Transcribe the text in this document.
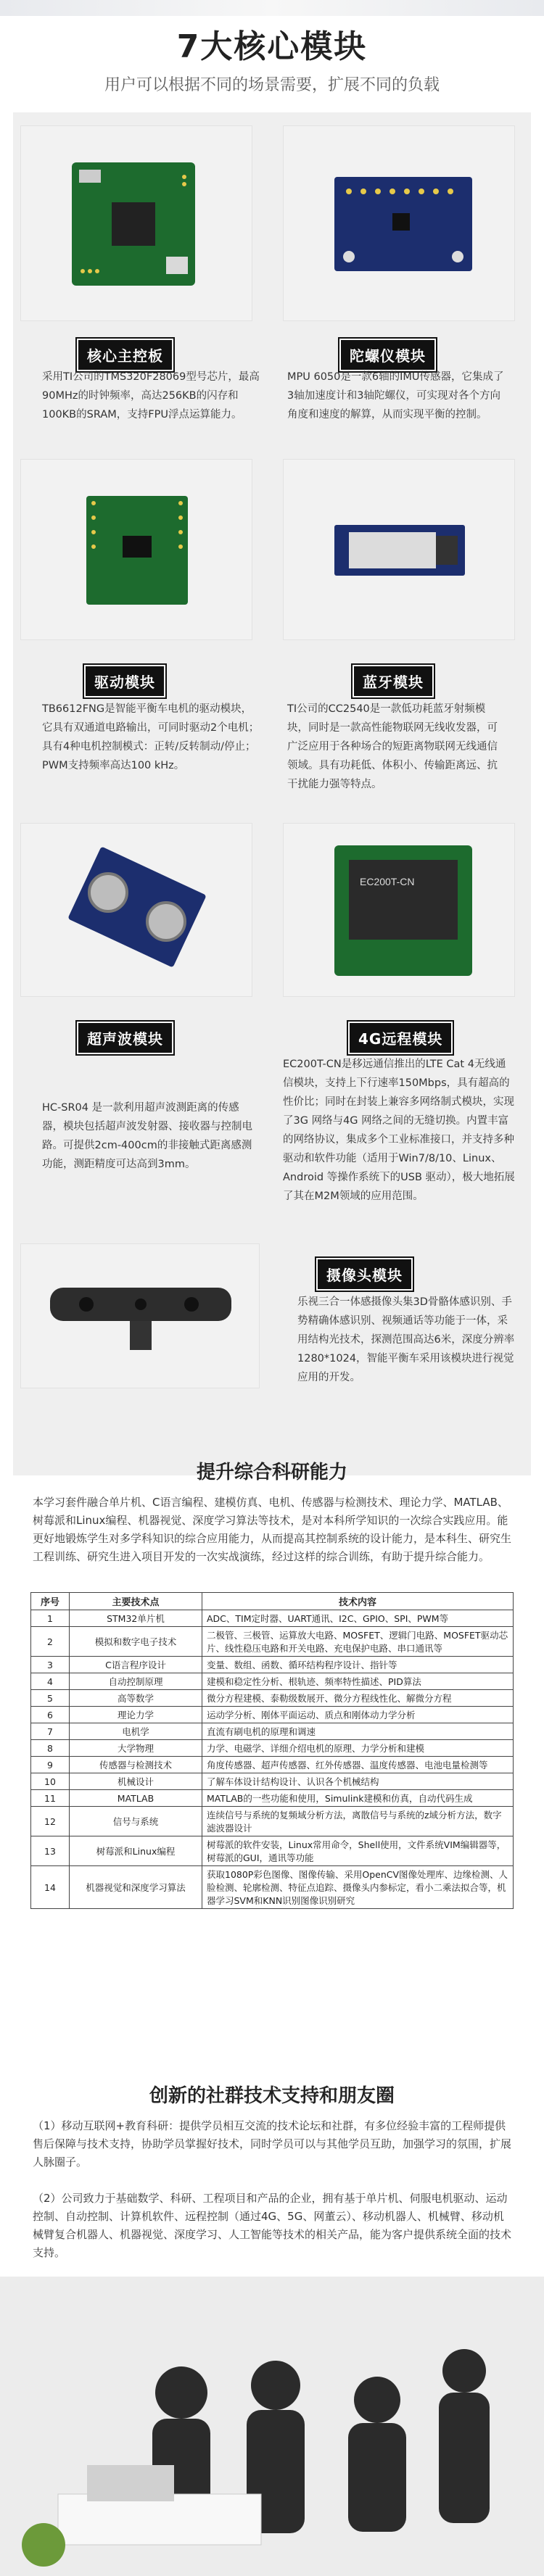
7大核心模块
用户可以根据不同的场景需要，扩展不同的负载
核心主控板
采用TI公司的TMS320F28069型号芯片，最高90MHz的时钟频率，高达256KB的闪存和100KB的SRAM，支持FPU浮点运算能力。
陀螺仪模块
MPU 6050是一款6轴的IMU传感器，它集成了3轴加速度计和3轴陀螺仪，可实现对各个方向角度和速度的解算，从而实现平衡的控制。
驱动模块
TB6612FNG是智能平衡车电机的驱动模块，它具有双通道电路输出，可同时驱动2个电机；具有4种电机控制模式：正转/反转制动/停止；PWM支持频率高达100 kHz。
蓝牙模块
TI公司的CC2540是一款低功耗蓝牙射频模块，同时是一款高性能物联网无线收发器，可广泛应用于各种场合的短距离物联网无线通信领域。具有功耗低、体积小、传输距离远、抗干扰能力强等特点。
超声波模块
HC-SR04 是一款利用超声波测距离的传感器，模块包括超声波发射器、接收器与控制电路。可提供2cm-400cm的非接触式距离感测功能，测距精度可达高到3mm。
EC200T-CN
4G远程模块
EC200T-CN是移远通信推出的LTE Cat 4无线通信模块，支持上下行速率150Mbps，具有超高的性价比；同时在封装上兼容多网络制式模块，实现了3G 网络与4G 网络之间的无缝切换。内置丰富的网络协议，集成多个工业标准接口，并支持多种驱动和软件功能（适用于Win7/8/10、Linux、Android 等操作系统下的USB 驱动），极大地拓展了其在M2M领域的应用范围。
摄像头模块
乐视三合一体感摄像头集3D骨骼体感识别、手势精确体感识别、视频通话等功能于一体，采用结构光技术，探测范围高达6米，深度分辨率1280*1024，智能平衡车采用该模块进行视觉应用的开发。
提升综合科研能力
本学习套件融合单片机、C语言编程、建模仿真、电机、传感器与检测技术、理论力学、MATLAB、树莓派和Linux编程、机器视觉、深度学习算法等技术，是对本科所学知识的一次综合实践应用。能更好地锻炼学生对多学科知识的综合应用能力，从而提高其控制系统的设计能力，是本科生、研究生工程训练、研究生进入项目开发的一次实战演练，经过这样的综合训练，有助于提升综合能力。
序号	主要技术点	技术内容
1	STM32单片机	ADC、TIM定时器、UART通讯、I2C、GPIO、SPI、PWM等
2	模拟和数字电子技术	二极管、三极管、运算放大电路、MOSFET、逻辑门电路、MOSFET驱动芯片、线性稳压电路和开关电路、充电保护电路、串口通讯等
3	C语言程序设计	变量、数组、函数、循环结构程序设计、指针等
4	自动控制原理	建模和稳定性分析、根轨迹、频率特性描述、PID算法
5	高等数学	微分方程建模、泰勒级数展开、微分方程线性化、解微分方程
6	理论力学	运动学分析、刚体平面运动、质点和刚体动力学分析
7	电机学	直流有刷电机的原理和调速
8	大学物理	力学、电磁学、详细介绍电机的原理、力学分析和建模
9	传感器与检测技术	角度传感器、超声传感器、红外传感器、温度传感器、电池电量检测等
10	机械设计	了解车体设计结构设计、认识各个机械结构
11	MATLAB	MATLAB的一些功能和使用，Simulink建模和仿真，自动代码生成
12	信号与系统	连续信号与系统的复频域分析方法，离散信号与系统的z域分析方法，数字滤波器设计
13	树莓派和Linux编程	树莓派的软件安装，Linux常用命令，Shell使用，文件系统VIM编辑器等，树莓派的GUI，通讯等功能
14	机器视觉和深度学习算法	获取1080P彩色图像、图像传输、采用OpenCV图像处理库、边缘检测、人脸检测、轮廓检测、特征点追踪、摄像头内参标定，看小二乘法拟合等，机器学习SVM和KNN识别图像识别研究
创新的社群技术支持和朋友圈
（1）移动互联网+教育科研：提供学员相互交流的技术论坛和社群，有多位经验丰富的工程师提供售后保障与技术支持，协助学员掌握好技术，同时学员可以与其他学员互助，加强学习的氛围，扩展人脉圈子。
（2）公司致力于基础数学、科研、工程项目和产品的企业，拥有基于单片机、伺服电机驱动、运动控制、自动控制、计算机软件、远程控制（通过4G、5G、网董云）、移动机器人、机械臂、移动机械臂复合机器人、机器视觉、深度学习、人工智能等技术的相关产品，能为客户提供系统全面的技术支持。
